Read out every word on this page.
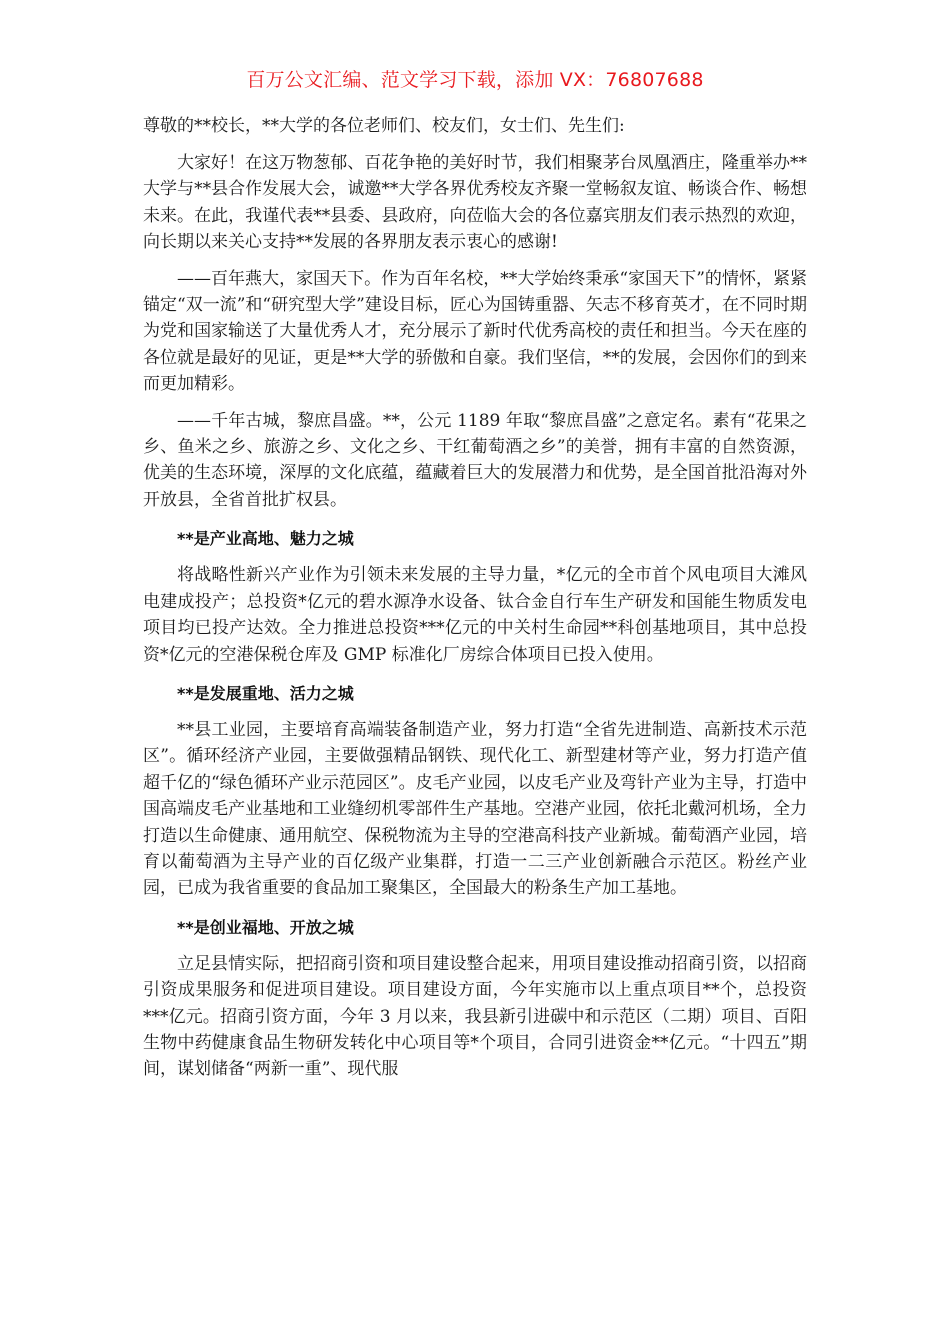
百万公文汇编、范文学习下载，添加 VX：76807688

尊敬的**校长，**大学的各位老师们、校友们，女士们、先生们:

大家好！在这万物葱郁、百花争艳的美好时节，我们相聚茅台凤凰酒庄，隆重举办**大学与**县合作发展大会，诚邀**大学各界优秀校友齐聚一堂畅叙友谊、畅谈合作、畅想未来。在此，我谨代表**县委、县政府，向莅临大会的各位嘉宾朋友们表示热烈的欢迎，向长期以来关心支持**发展的各界朋友表示衷心的感谢!

——百年燕大，家国天下。作为百年名校，**大学始终秉承“家国天下”的情怀，紧紧锚定“双一流”和“研究型大学”建设目标，匠心为国铸重器、矢志不移育英才，在不同时期为党和国家输送了大量优秀人才，充分展示了新时代优秀高校的责任和担当。今天在座的各位就是最好的见证，更是**大学的骄傲和自豪。我们坚信，**的发展，会因你们的到来而更加精彩。

——千年古城，黎庶昌盛。**，公元 1189 年取“黎庶昌盛”之意定名。素有“花果之乡、鱼米之乡、旅游之乡、文化之乡、干红葡萄酒之乡”的美誉，拥有丰富的自然资源，优美的生态环境，深厚的文化底蕴，蕴藏着巨大的发展潜力和优势，是全国首批沿海对外开放县，全省首批扩权县。

**是产业高地、魅力之城

将战略性新兴产业作为引领未来发展的主导力量，*亿元的全市首个风电项目大滩风电建成投产；总投资*亿元的碧水源净水设备、钛合金自行车生产研发和国能生物质发电项目均已投产达效。全力推进总投资***亿元的中关村生命园**科创基地项目，其中总投资*亿元的空港保税仓库及 GMP 标准化厂房综合体项目已投入使用。

**是发展重地、活力之城

**县工业园，主要培育高端装备制造产业，努力打造“全省先进制造、高新技术示范区”。循环经济产业园，主要做强精品钢铁、现代化工、新型建材等产业，努力打造产值超千亿的“绿色循环产业示范园区”。皮毛产业园，以皮毛产业及弯针产业为主导，打造中国高端皮毛产业基地和工业缝纫机零部件生产基地。空港产业园，依托北戴河机场，全力打造以生命健康、通用航空、保税物流为主导的空港高科技产业新城。葡萄酒产业园，培育以葡萄酒为主导产业的百亿级产业集群，打造一二三产业创新融合示范区。粉丝产业园，已成为我省重要的食品加工聚集区，全国最大的粉条生产加工基地。

**是创业福地、开放之城

立足县情实际，把招商引资和项目建设整合起来，用项目建设推动招商引资，以招商引资成果服务和促进项目建设。项目建设方面，今年实施市以上重点项目**个，总投资***亿元。招商引资方面，今年 3 月以来，我县新引进碳中和示范区（二期）项目、百阳生物中药健康食品生物研发转化中心项目等*个项目，合同引进资金**亿元。“十四五”期间，谋划储备“两新一重”、现代服
